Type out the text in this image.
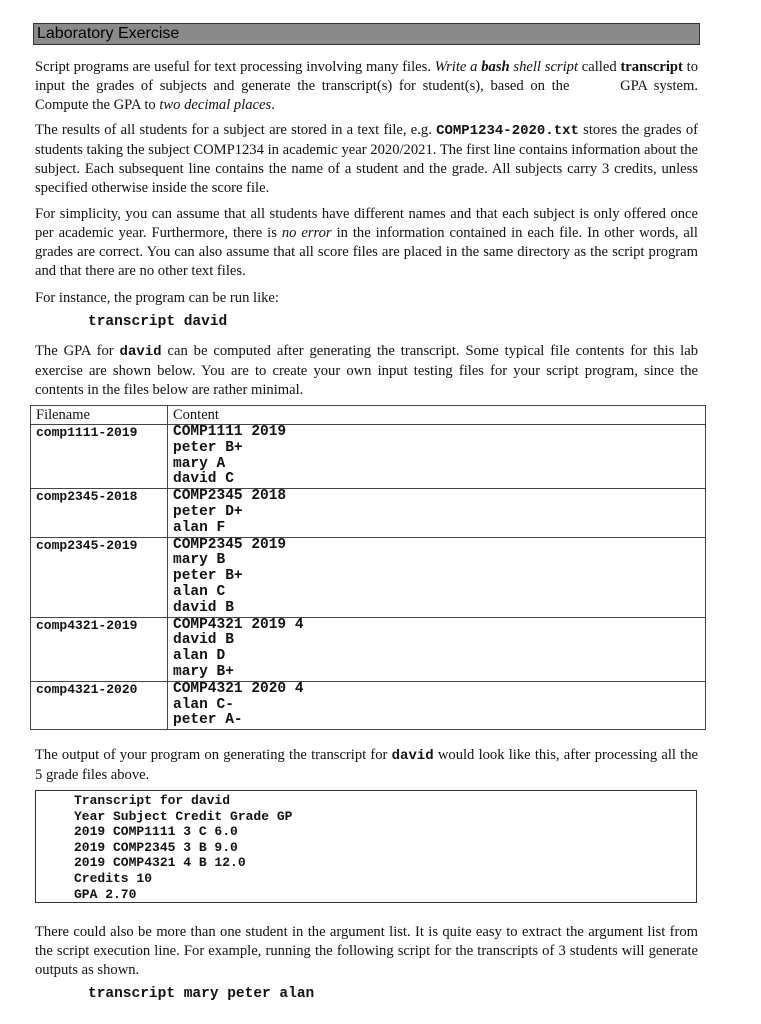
Laboratory Exercise

Script programs are useful for text processing involving many files. Write a bash shell script called transcript to input the grades of subjects and generate the transcript(s) for student(s), based on the	GPA system. Compute the GPA to two decimal places.

The results of all students for a subject are stored in a text file, e.g. COMP1234-2020.txt stores the grades of students taking the subject COMP1234 in academic year 2020/2021. The first line contains information about the subject. Each subsequent line contains the name of a student and the grade. All subjects carry 3 credits, unless specified otherwise inside the score file.

For simplicity, you can assume that all students have different names and that each subject is only offered once per academic year. Furthermore, there is no error in the information contained in each file. In other words, all grades are correct. You can also assume that all score files are placed in the same directory as the script program and that there are no other text files.

For instance, the program can be run like:

transcript david

The GPA for david can be computed after generating the transcript. Some typical file contents for this lab exercise are shown below. You are to create your own input testing files for your script program, since the contents in the files below are rather minimal.

Filename	Content
comp1111-2019	COMP1111 2019
peter B+
mary A
david C

comp2345-2018	COMP2345 2018
peter D+
alan F

comp2345-2019	COMP2345 2019
mary B
peter B+
alan C
david B

comp4321-2019	COMP4321 2019 4
david B
alan D
mary B+

comp4321-2020	COMP4321 2020 4
alan C-
peter A-

The output of your program on generating the transcript for david would look like this, after processing all the 5 grade files above.

Transcript for david
Year Subject Credit Grade GP
2019 COMP1111 3 C 6.0
2019 COMP2345 3 B 9.0
2019 COMP4321 4 B 12.0
Credits 10
GPA 2.70

There could also be more than one student in the argument list. It is quite easy to extract the argument list from the script execution line. For example, running the following script for the transcripts of 3 students will generate outputs as shown.

transcript mary peter alan
